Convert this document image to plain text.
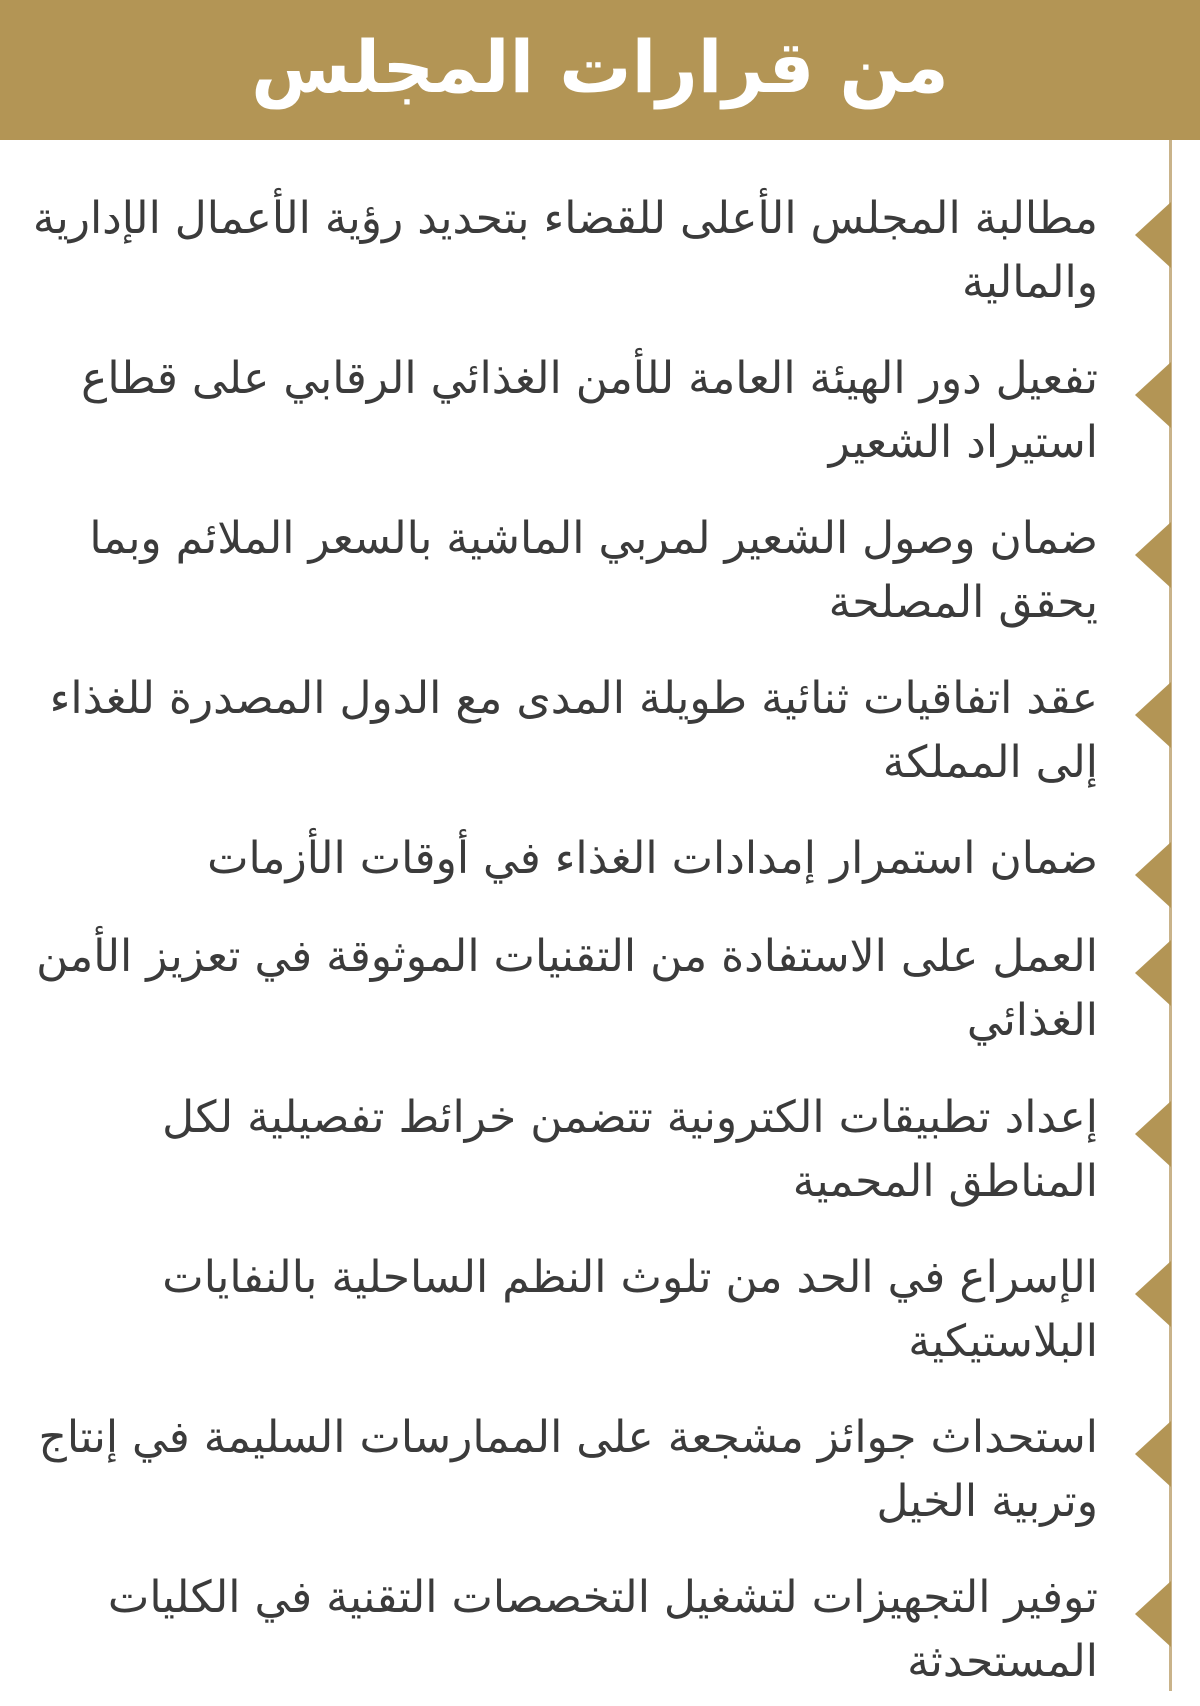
من قرارات المجلس
مطالبة المجلس الأعلى للقضاء بتحديد رؤية الأعمال الإدارية والمالية
تفعيل دور الهيئة العامة للأمن الغذائي الرقابي على قطاع استيراد الشعير
ضمان وصول الشعير لمربي الماشية بالسعر الملائم وبما يحقق المصلحة
عقد اتفاقيات ثنائية طويلة المدى مع الدول المصدرة للغذاء إلى المملكة
ضمان استمرار إمدادات الغذاء في أوقات الأزمات
العمل على الاستفادة من التقنيات الموثوقة في تعزيز الأمن الغذائي
إعداد تطبيقات الكترونية تتضمن خرائط تفصيلية لكل المناطق المحمية
الإسراع في الحد من تلوث النظم الساحلية بالنفايات البلاستيكية
استحداث جوائز مشجعة على الممارسات السليمة في إنتاج وتربية الخيل
توفير التجهيزات لتشغيل التخصصات التقنية في الكليات المستحدثة
